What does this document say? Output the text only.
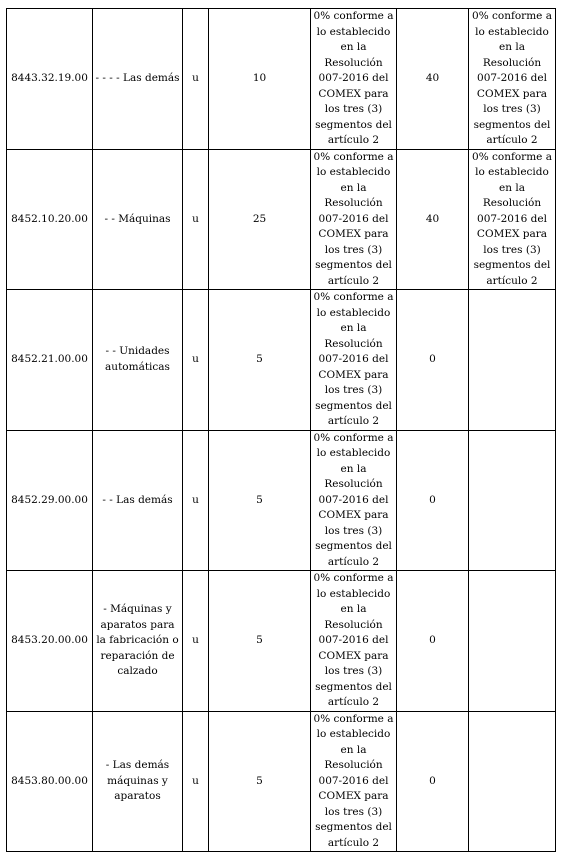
8443.32.19.00	- - - - Las demás	u	10	0% conforme a lo establecido en la Resolución 007-2016 del COMEX para los tres (3) segmentos del artículo 2	40	0% conforme a lo establecido en la Resolución 007-2016 del COMEX para los tres (3) segmentos del artículo 2
8452.10.20.00	- - Máquinas	u	25	0% conforme a lo establecido en la Resolución 007-2016 del COMEX para los tres (3) segmentos del artículo 2	40	0% conforme a lo establecido en la Resolución 007-2016 del COMEX para los tres (3) segmentos del artículo 2
8452.21.00.00	- - Unidades automáticas	u	5	0% conforme a lo establecido en la Resolución 007-2016 del COMEX para los tres (3) segmentos del artículo 2	0	
8452.29.00.00	- - Las demás	u	5	0% conforme a lo establecido en la Resolución 007-2016 del COMEX para los tres (3) segmentos del artículo 2	0	
8453.20.00.00	- Máquinas y aparatos para la fabricación o reparación de calzado	u	5	0% conforme a lo establecido en la Resolución 007-2016 del COMEX para los tres (3) segmentos del artículo 2	0	
8453.80.00.00	- Las demás máquinas y aparatos	u	5	0% conforme a lo establecido en la Resolución 007-2016 del COMEX para los tres (3) segmentos del artículo 2	0	
